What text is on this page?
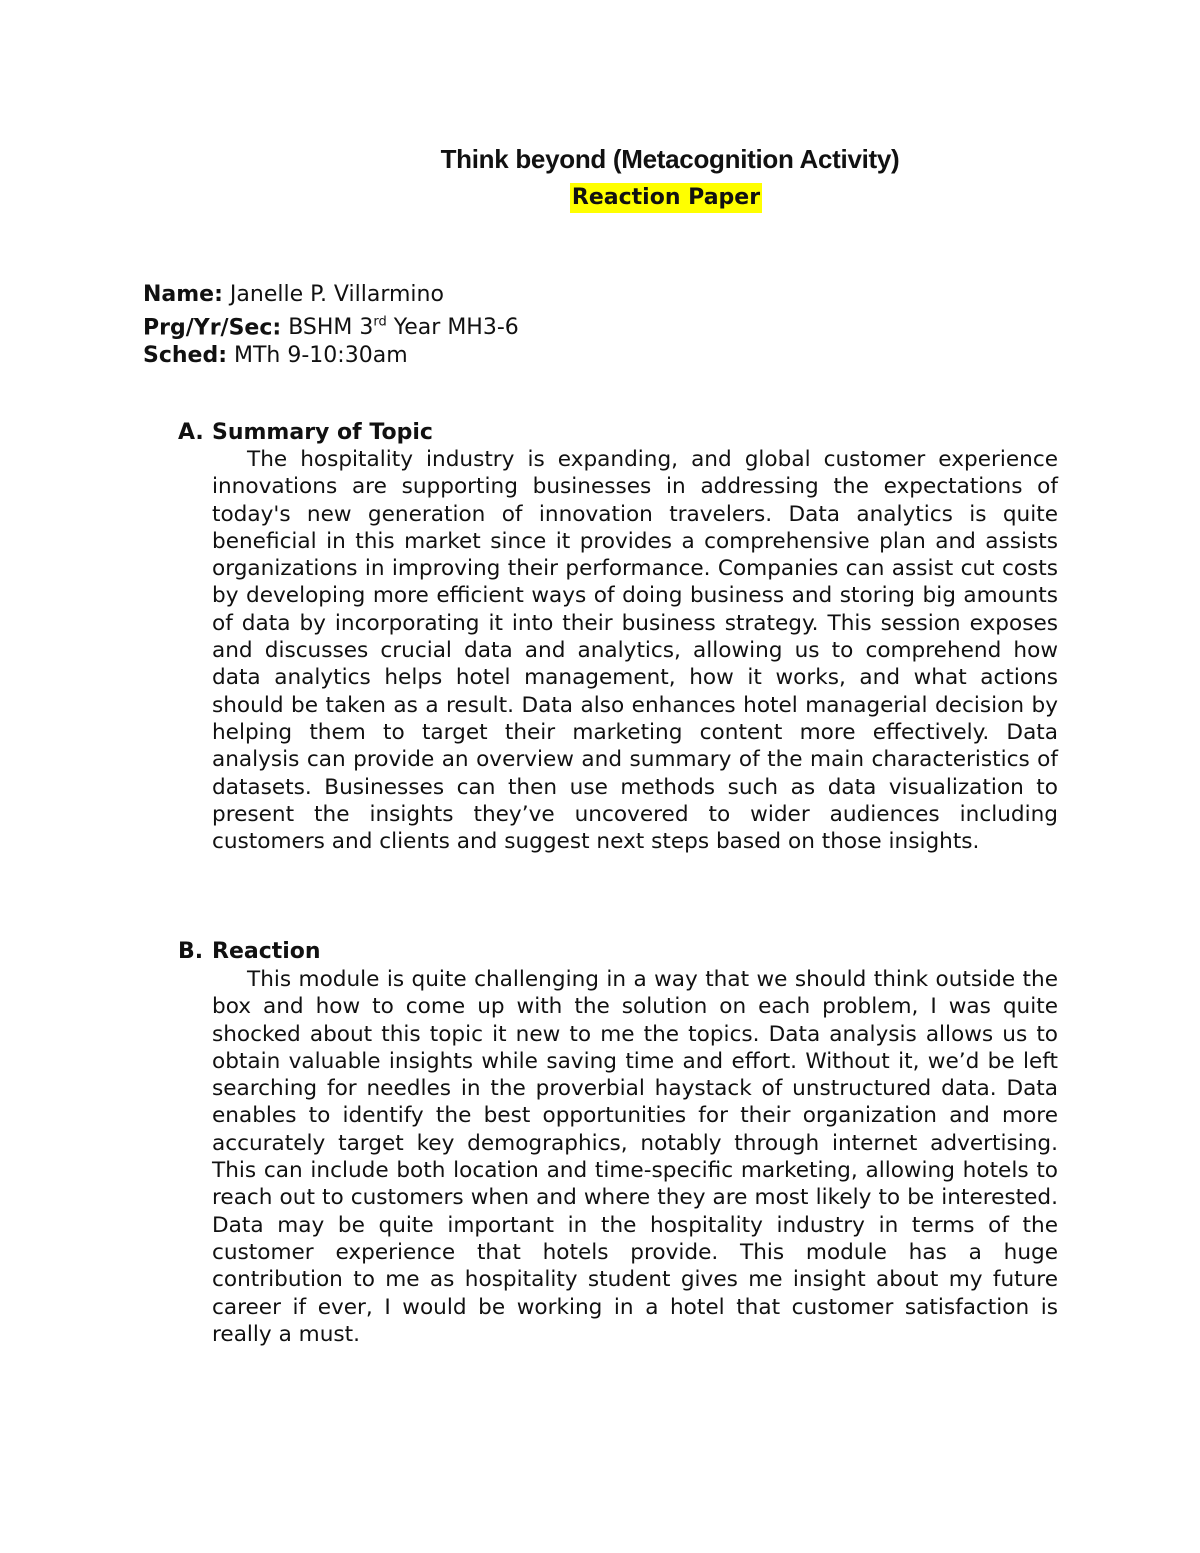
Think beyond (Metacognition Activity)
Reaction Paper
Name: Janelle P. Villarmino
Prg/Yr/Sec: BSHM 3rd Year MH3-6
Sched: MTh 9-10:30am
A. Summary of Topic

The hospitality industry is expanding, and global customer experience innovations are supporting businesses in addressing the expectations of today's new generation of innovation travelers. Data analytics is quite beneficial in this market since it provides a comprehensive plan and assists organizations in improving their performance. Companies can assist cut costs by developing more efficient ways of doing business and storing big amounts of data by incorporating it into their business strategy. This session exposes and discusses crucial data and analytics, allowing us to comprehend how data analytics helps hotel management, how it works, and what actions should be taken as a result. Data also enhances hotel managerial decision by helping them to target their marketing content more effectively. Data analysis can provide an overview and summary of the main characteristics of datasets. Businesses can then use methods such as data visualization to present the insights they’ve uncovered to wider audiences including customers and clients and suggest next steps based on those insights.

B. Reaction

This module is quite challenging in a way that we should think outside the box and how to come up with the solution on each problem, I was quite shocked about this topic it new to me the topics. Data analysis allows us to obtain valuable insights while saving time and effort. Without it, we’d be left searching for needles in the proverbial haystack of unstructured data. Data enables to identify the best opportunities for their organization and more accurately target key demographics, notably through internet advertising. This can include both location and time-specific marketing, allowing hotels to reach out to customers when and where they are most likely to be interested. Data may be quite important in the hospitality industry in terms of the customer experience that hotels provide. This module has a huge contribution to me as hospitality student gives me insight about my future career if ever, I would be working in a hotel that customer satisfaction is really a must.
